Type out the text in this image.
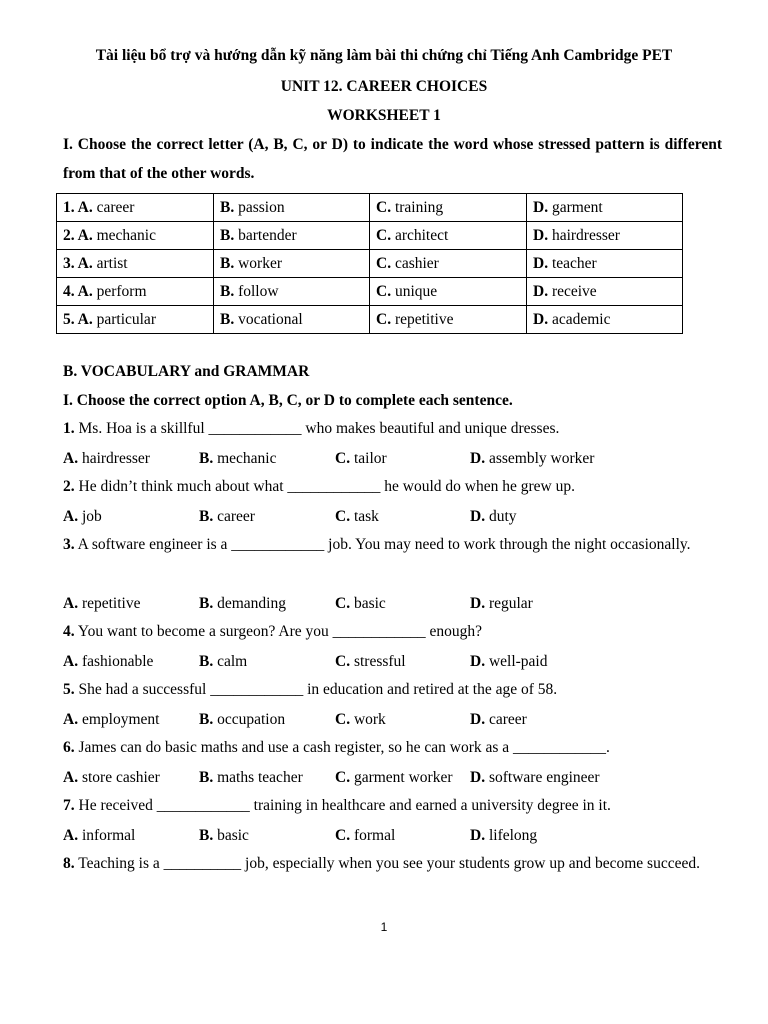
Tài liệu bổ trợ và hướng dẫn kỹ năng làm bài thi chứng chỉ Tiếng Anh Cambridge PET
UNIT 12. CAREER CHOICES
WORKSHEET 1
I. Choose the correct letter (A, B, C, or D) to indicate the word whose stressed pattern is different from that of the other words.
1. A. career	B. passion	C. training	D. garment
2. A. mechanic	B. bartender	C. architect	D. hairdresser
3. A. artist	B. worker	C. cashier	D. teacher
4. A. perform	B. follow	C. unique	D. receive
5. A. particular	B. vocational	C. repetitive	D. academic
B. VOCABULARY and GRAMMAR
I. Choose the correct option A, B, C, or D to complete each sentence.
1. Ms. Hoa is a skillful ____________ who makes beautiful and unique dresses.
A. hairdresser	B. mechanic	C. tailor	D. assembly worker
2. He didn’t think much about what ____________ he would do when he grew up.
A. job	B. career	C. task	D. duty
3. A software engineer is a ____________ job. You may need to work through the night occasionally.
A. repetitive	B. demanding	C. basic	D. regular
4. You want to become a surgeon? Are you ____________ enough?
A. fashionable	B. calm	C. stressful	D. well-paid
5. She had a successful ____________ in education and retired at the age of 58.
A. employment	B. occupation	C. work	D. career
6. James can do basic maths and use a cash register, so he can work as a ____________.
A. store cashier	B. maths teacher C. garment worker D. software engineer
7. He received ____________ training in healthcare and earned a university degree in it.
A. informal	B. basic	C. formal	D. lifelong
8. Teaching is a __________ job, especially when you see your students grow up and become succeed.
1
